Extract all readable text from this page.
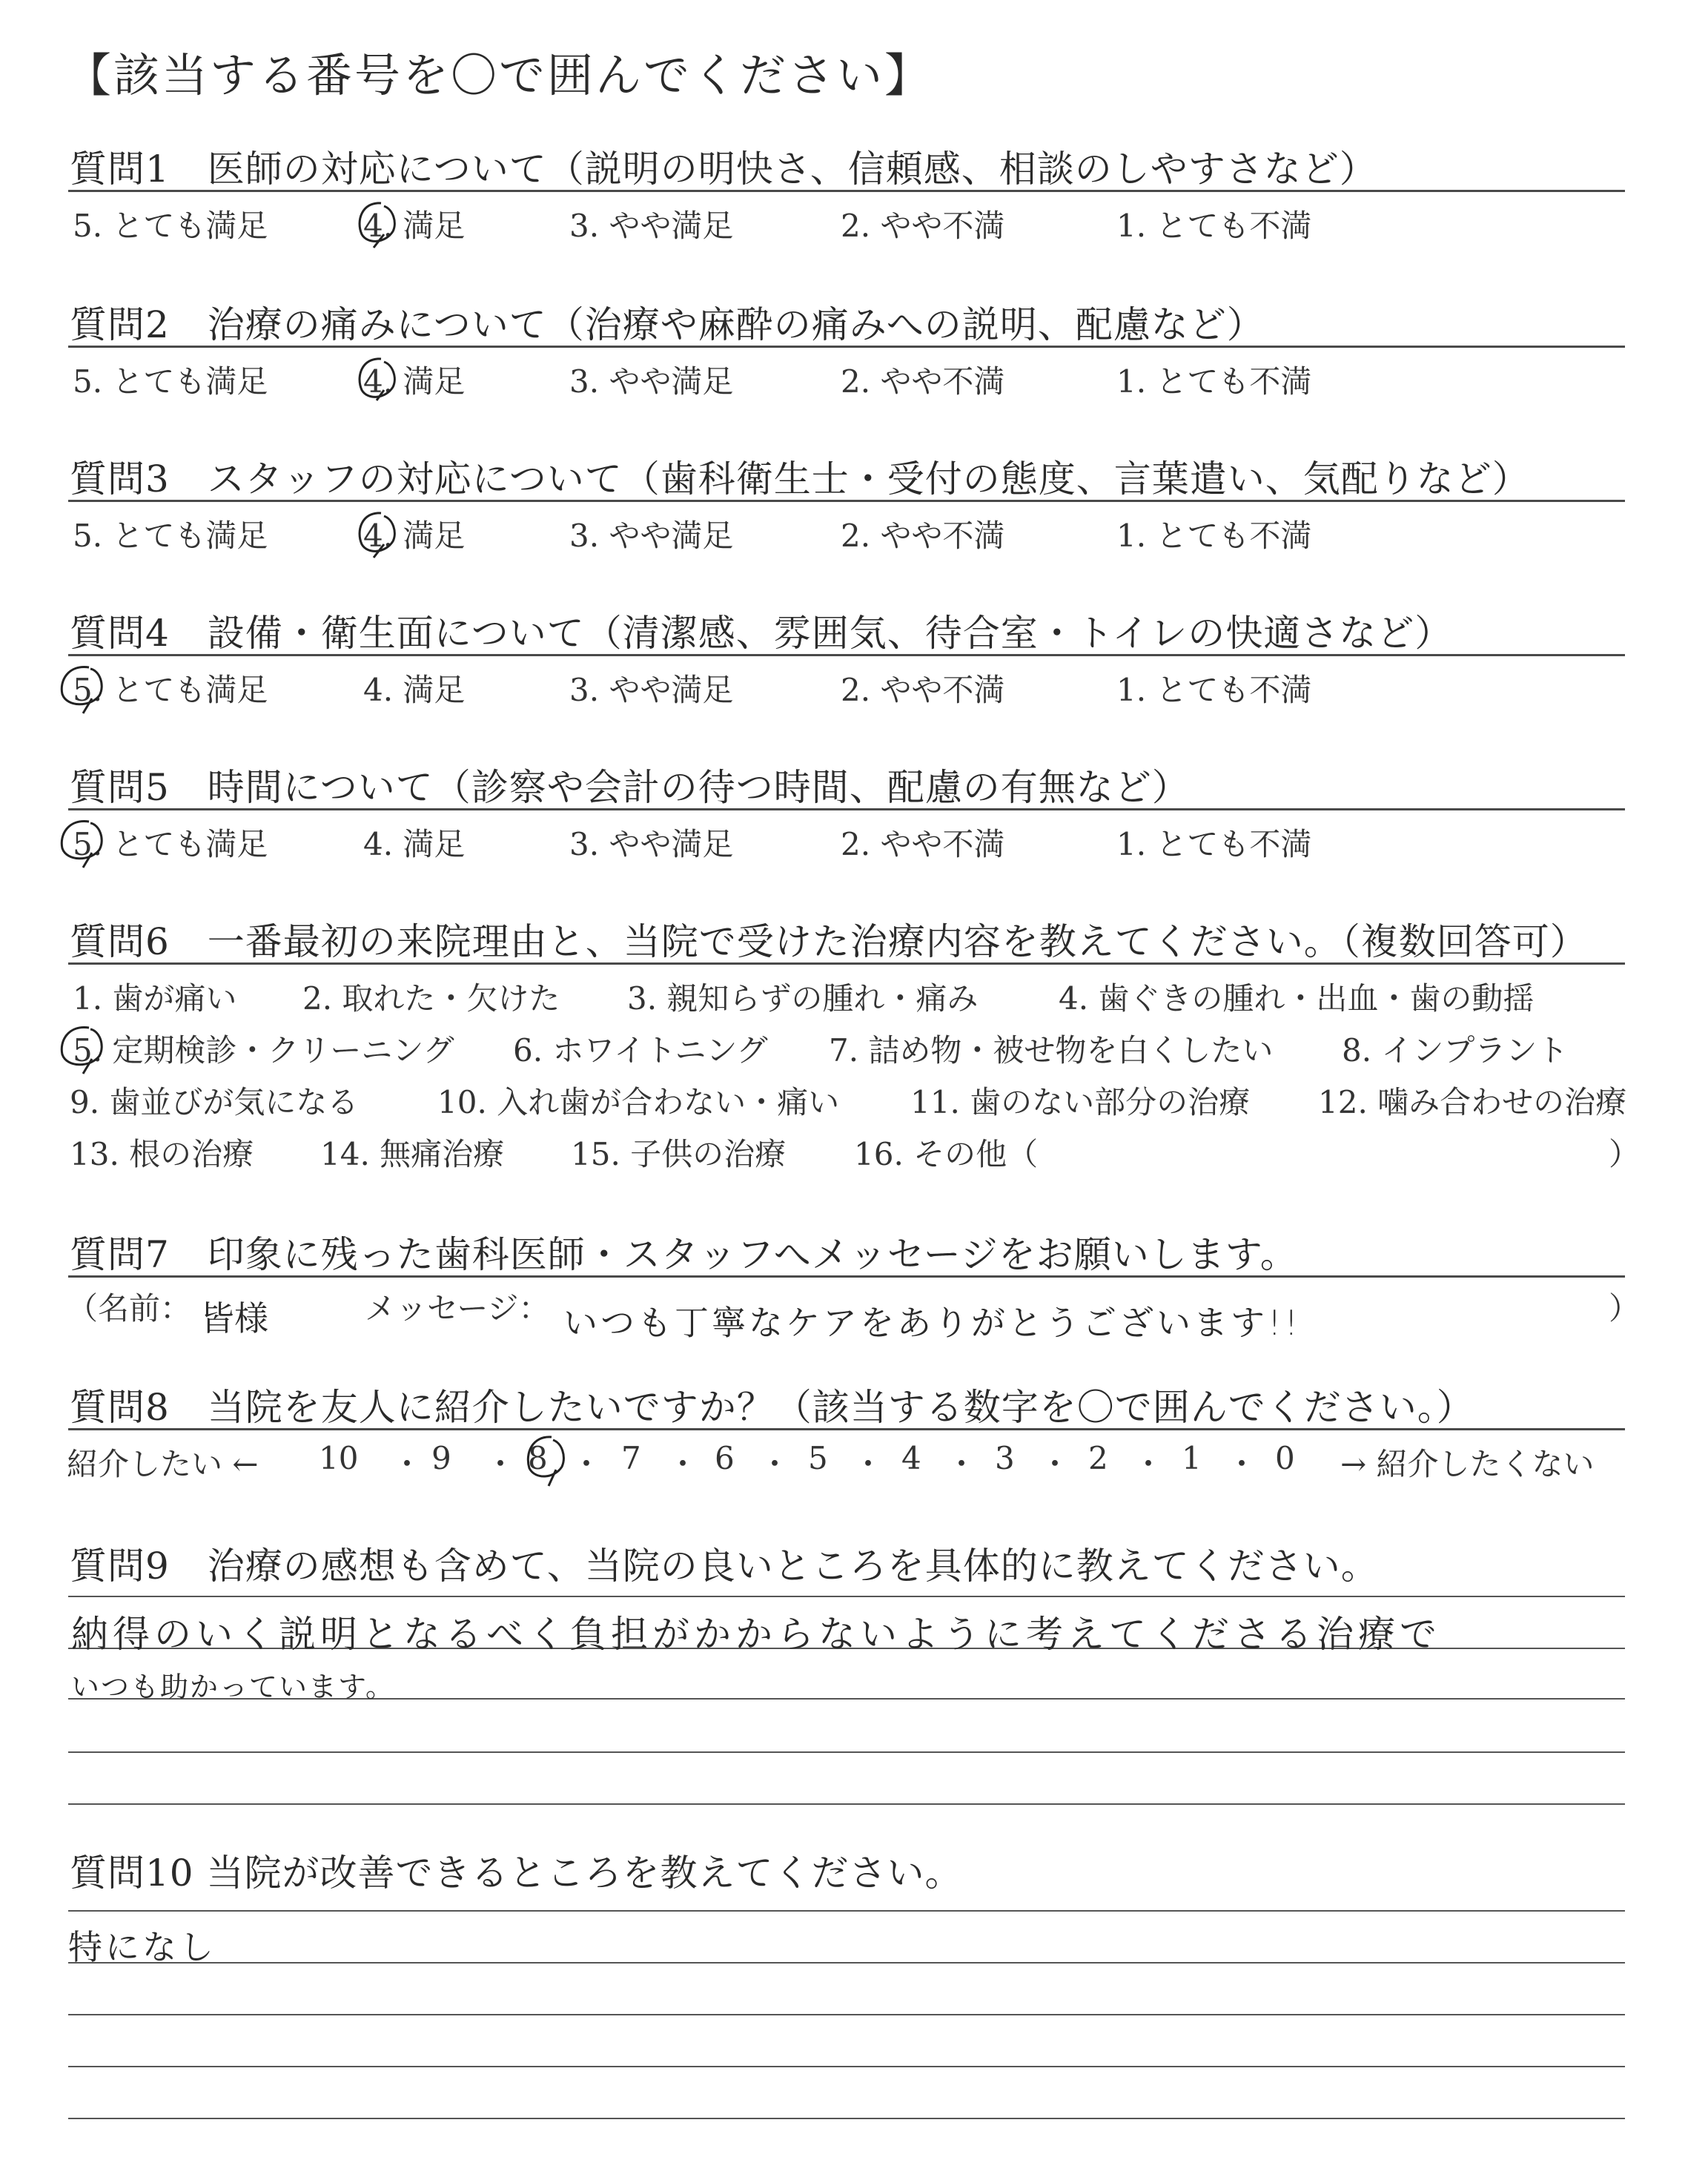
【該当する番号を〇で囲んでください】
質問1　医師の対応について（説明の明快さ、信頼感、相談のしやすさなど）
5. とても満足	4. 満足	3. やや満足	2. やや不満	1. とても不満
質問2　治療の痛みについて（治療や麻酔の痛みへの説明、配慮など）
5. とても満足	4. 満足	3. やや満足	2. やや不満	1. とても不満
質問3　スタッフの対応について（歯科衛生士・受付の態度、言葉遣い、気配りなど）
5. とても満足	4. 満足	3. やや満足	2. やや不満	1. とても不満
質問4　設備・衛生面について（清潔感、雰囲気、待合室・トイレの快適さなど）
5. とても満足	4. 満足	3. やや満足	2. やや不満	1. とても不満
質問5　時間について（診察や会計の待つ時間、配慮の有無など）
5. とても満足	4. 満足	3. やや満足	2. やや不満	1. とても不満
質問6　一番最初の来院理由と、当院で受けた治療内容を教えてください。（複数回答可）
1. 歯が痛い 2. 取れた・欠けた 3. 親知らずの腫れ・痛み	4. 歯ぐきの腫れ・出血・歯の動揺
5. 定期検診・クリーニング 6. ホワイトニング 7. 詰め物・被せ物を白くしたい 8. インプラント
9. 歯並びが気になる	10. 入れ歯が合わない・痛い 11. 歯のない部分の治療 12. 噛み合わせの治療
13. 根の治療 14. 無痛治療 15. 子供の治療 16. その他（	）
質問7　印象に残った歯科医師・スタッフへメッセージをお願いします。
（名前： 皆様	メッセージ： いつも丁寧なケアをありがとうございます!!	）
質問8　当院を友人に紹介したいですか？（該当する数字を〇で囲んでください。）
紹介したい ← 10 ・ 9 ・ 8 ・ 7 ・ 6 ・ 5 ・ 4 ・ 3 ・ 2 ・ 1 ・ 0 → 紹介したくない
質問9　治療の感想も含めて、当院の良いところを具体的に教えてください。
納得のいく説明となるべく負担がかからないように考えてくださる治療で
いつも助かっています。
質問10 当院が改善できるところを教えてください。
特になし
